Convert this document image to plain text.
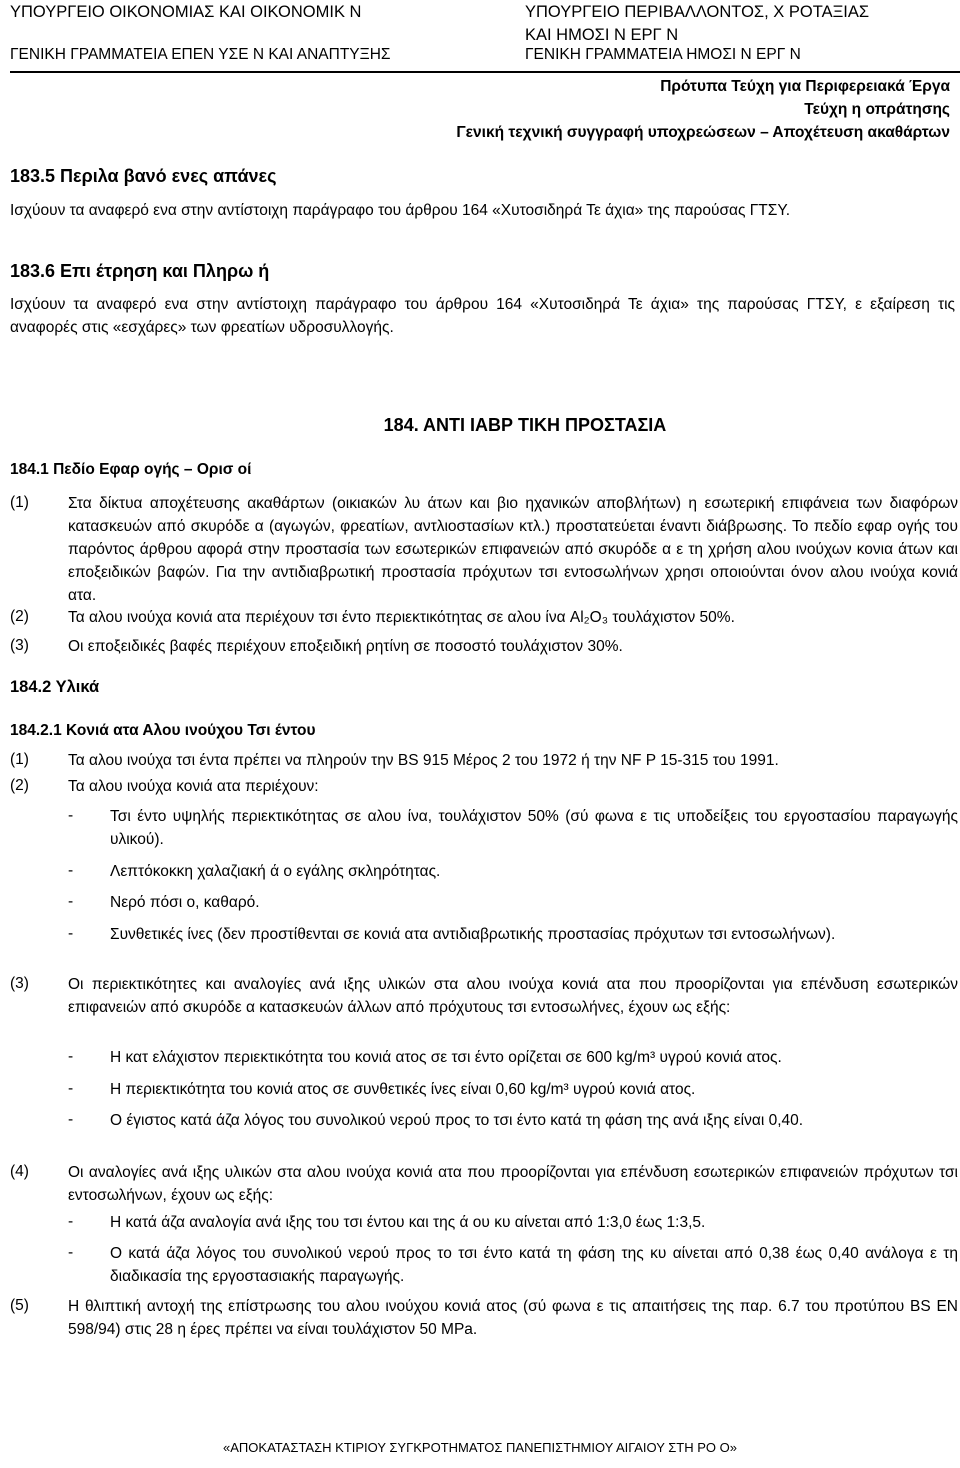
ΥΠΟΥΡΓΕΙΟ ΟΙΚΟΝΟΜΙΑΣ ΚΑΙ ΟΙΚΟΝΟΜΙΚ Ν
ΓΕΝΙΚΗ ΓΡΑΜΜΑΤΕΙΑ ΕΠΕΝ ΥΣΕ Ν ΚΑΙ ΑΝΑΠΤΥΞΗΣ
ΥΠΟΥΡΓΕΙΟ ΠΕΡΙΒΑΛΛΟΝΤΟΣ, Χ ΡΟΤΑΞΙΑΣ
ΚΑΙ ΗΜΟΣΙ Ν ΕΡΓ Ν
ΓΕΝΙΚΗ ΓΡΑΜΜΑΤΕΙΑ ΗΜΟΣΙ Ν ΕΡΓ Ν
Πρότυπα Τεύχη για Περιφερειακά Έργα
Τεύχη η οπράτησης
Γενική τεχνική συγγραφή υποχρεώσεων – Αποχέτευση ακαθάρτων
183.5 Περιλα βανό ενες απάνες
Ισχύουν τα αναφερό ενα στην αντίστοιχη παράγραφο του άρθρου 164 «Χυτοσιδηρά Τε άχια» της παρούσας ΓΤΣΥ.
183.6 Επι έτρηση και Πληρω ή
Ισχύουν τα αναφερό ενα στην αντίστοιχη παράγραφο του άρθρου 164 «Χυτοσιδηρά Τε άχια» της παρούσας ΓΤΣΥ, ε εξαίρεση τις αναφορές στις «εσχάρες» των φρεατίων υδροσυλλογής.
184. ΑΝΤΙ ΙΑΒΡ ΤΙΚΗ ΠΡΟΣΤΑΣΙΑ
184.1 Πεδίο Εφαρ ογής – Ορισ οί
(1)	Στα δίκτυα αποχέτευσης ακαθάρτων (οικιακών λυ άτων και βιο ηχανικών αποβλήτων) η εσωτερική επιφάνεια των διαφόρων κατασκευών από σκυρόδε α (αγωγών, φρεατίων, αντλιοστασίων κτλ.) προστατεύεται έναντι διάβρωσης. Το πεδίο εφαρ ογής του παρόντος άρθρου αφορά στην προστασία των εσωτερικών επιφανειών από σκυρόδε α ε τη χρήση αλου ινούχων κονια άτων και εποξειδικών βαφών. Για την αντιδιαβρωτική προστασία πρόχυτων τσι εντοσωλήνων χρησι οποιούνται όνον αλου ινούχα κονιά ατα.
(2)	Τα αλου ινούχα κονιά ατα περιέχουν τσι έντο περιεκτικότητας σε αλου ίνα Al₂O₃ τουλάχιστον 50%.
(3)	Οι εποξειδικές βαφές περιέχουν εποξειδική ρητίνη σε ποσοστό τουλάχιστον 30%.
184.2 Υλικά
184.2.1 Κονιά ατα Αλου ινούχου Τσι έντου
(1)	Τα αλου ινούχα τσι έντα πρέπει να πληρούν την BS 915 Μέρος 2 του 1972 ή την NF P 15-315 του 1991.
(2)	Τα αλου ινούχα κονιά ατα περιέχουν:
- Τσι έντο υψηλής περιεκτικότητας σε αλου ίνα, τουλάχιστον 50% (σύ φωνα ε τις υποδείξεις του εργοστασίου παραγωγής υλικού).
- Λεπτόκοκκη χαλαζιακή ά ο εγάλης σκληρότητας.
- Νερό πόσι ο, καθαρό.
- Συνθετικές ίνες (δεν προστίθενται σε κονιά ατα αντιδιαβρωτικής προστασίας πρόχυτων τσι εντοσωλήνων).
(3)	Οι περιεκτικότητες και αναλογίες ανά ιξης υλικών στα αλου ινούχα κονιά ατα που προορίζονται για επένδυση εσωτερικών επιφανειών από σκυρόδε α κατασκευών άλλων από πρόχυτους τσι εντοσωλήνες, έχουν ως εξής:
- Η κατ ελάχιστον περιεκτικότητα του κονιά ατος σε τσι έντο ορίζεται σε 600 kg/m³ υγρού κονιά ατος.
- Η περιεκτικότητα του κονιά ατος σε συνθετικές ίνες είναι 0,60 kg/m³ υγρού κονιά ατος.
- Ο έγιστος κατά άζα λόγος του συνολικού νερού προς το τσι έντο κατά τη φάση της ανά ιξης είναι 0,40.
(4)	Οι αναλογίες ανά ιξης υλικών στα αλου ινούχα κονιά ατα που προορίζονται για επένδυση εσωτερικών επιφανειών πρόχυτων τσι εντοσωλήνων, έχουν ως εξής:
- Η κατά άζα αναλογία ανά ιξης του τσι έντου και της ά ου κυ αίνεται από 1:3,0 έως 1:3,5.
- Ο κατά άζα λόγος του συνολικού νερού προς το τσι έντο κατά τη φάση της κυ αίνεται από 0,38 έως 0,40 ανάλογα ε τη διαδικασία της εργοστασιακής παραγωγής.
(5)	Η θλιπτική αντοχή της επίστρωσης του αλου ινούχου κονιά ατος (σύ φωνα ε τις απαιτήσεις της παρ. 6.7 του προτύπου BS EN 598/94) στις 28 η έρες πρέπει να είναι τουλάχιστον 50 MPa.
«ΑΠΟΚΑΤΑΣΤΑΣΗ ΚΤΙΡΙΟΥ ΣΥΓΚΡΟΤΗΜΑΤΟΣ ΠΑΝΕΠΙΣΤΗΜΙΟΥ ΑΙΓΑΙΟΥ ΣΤΗ ΡΟ Ο»
